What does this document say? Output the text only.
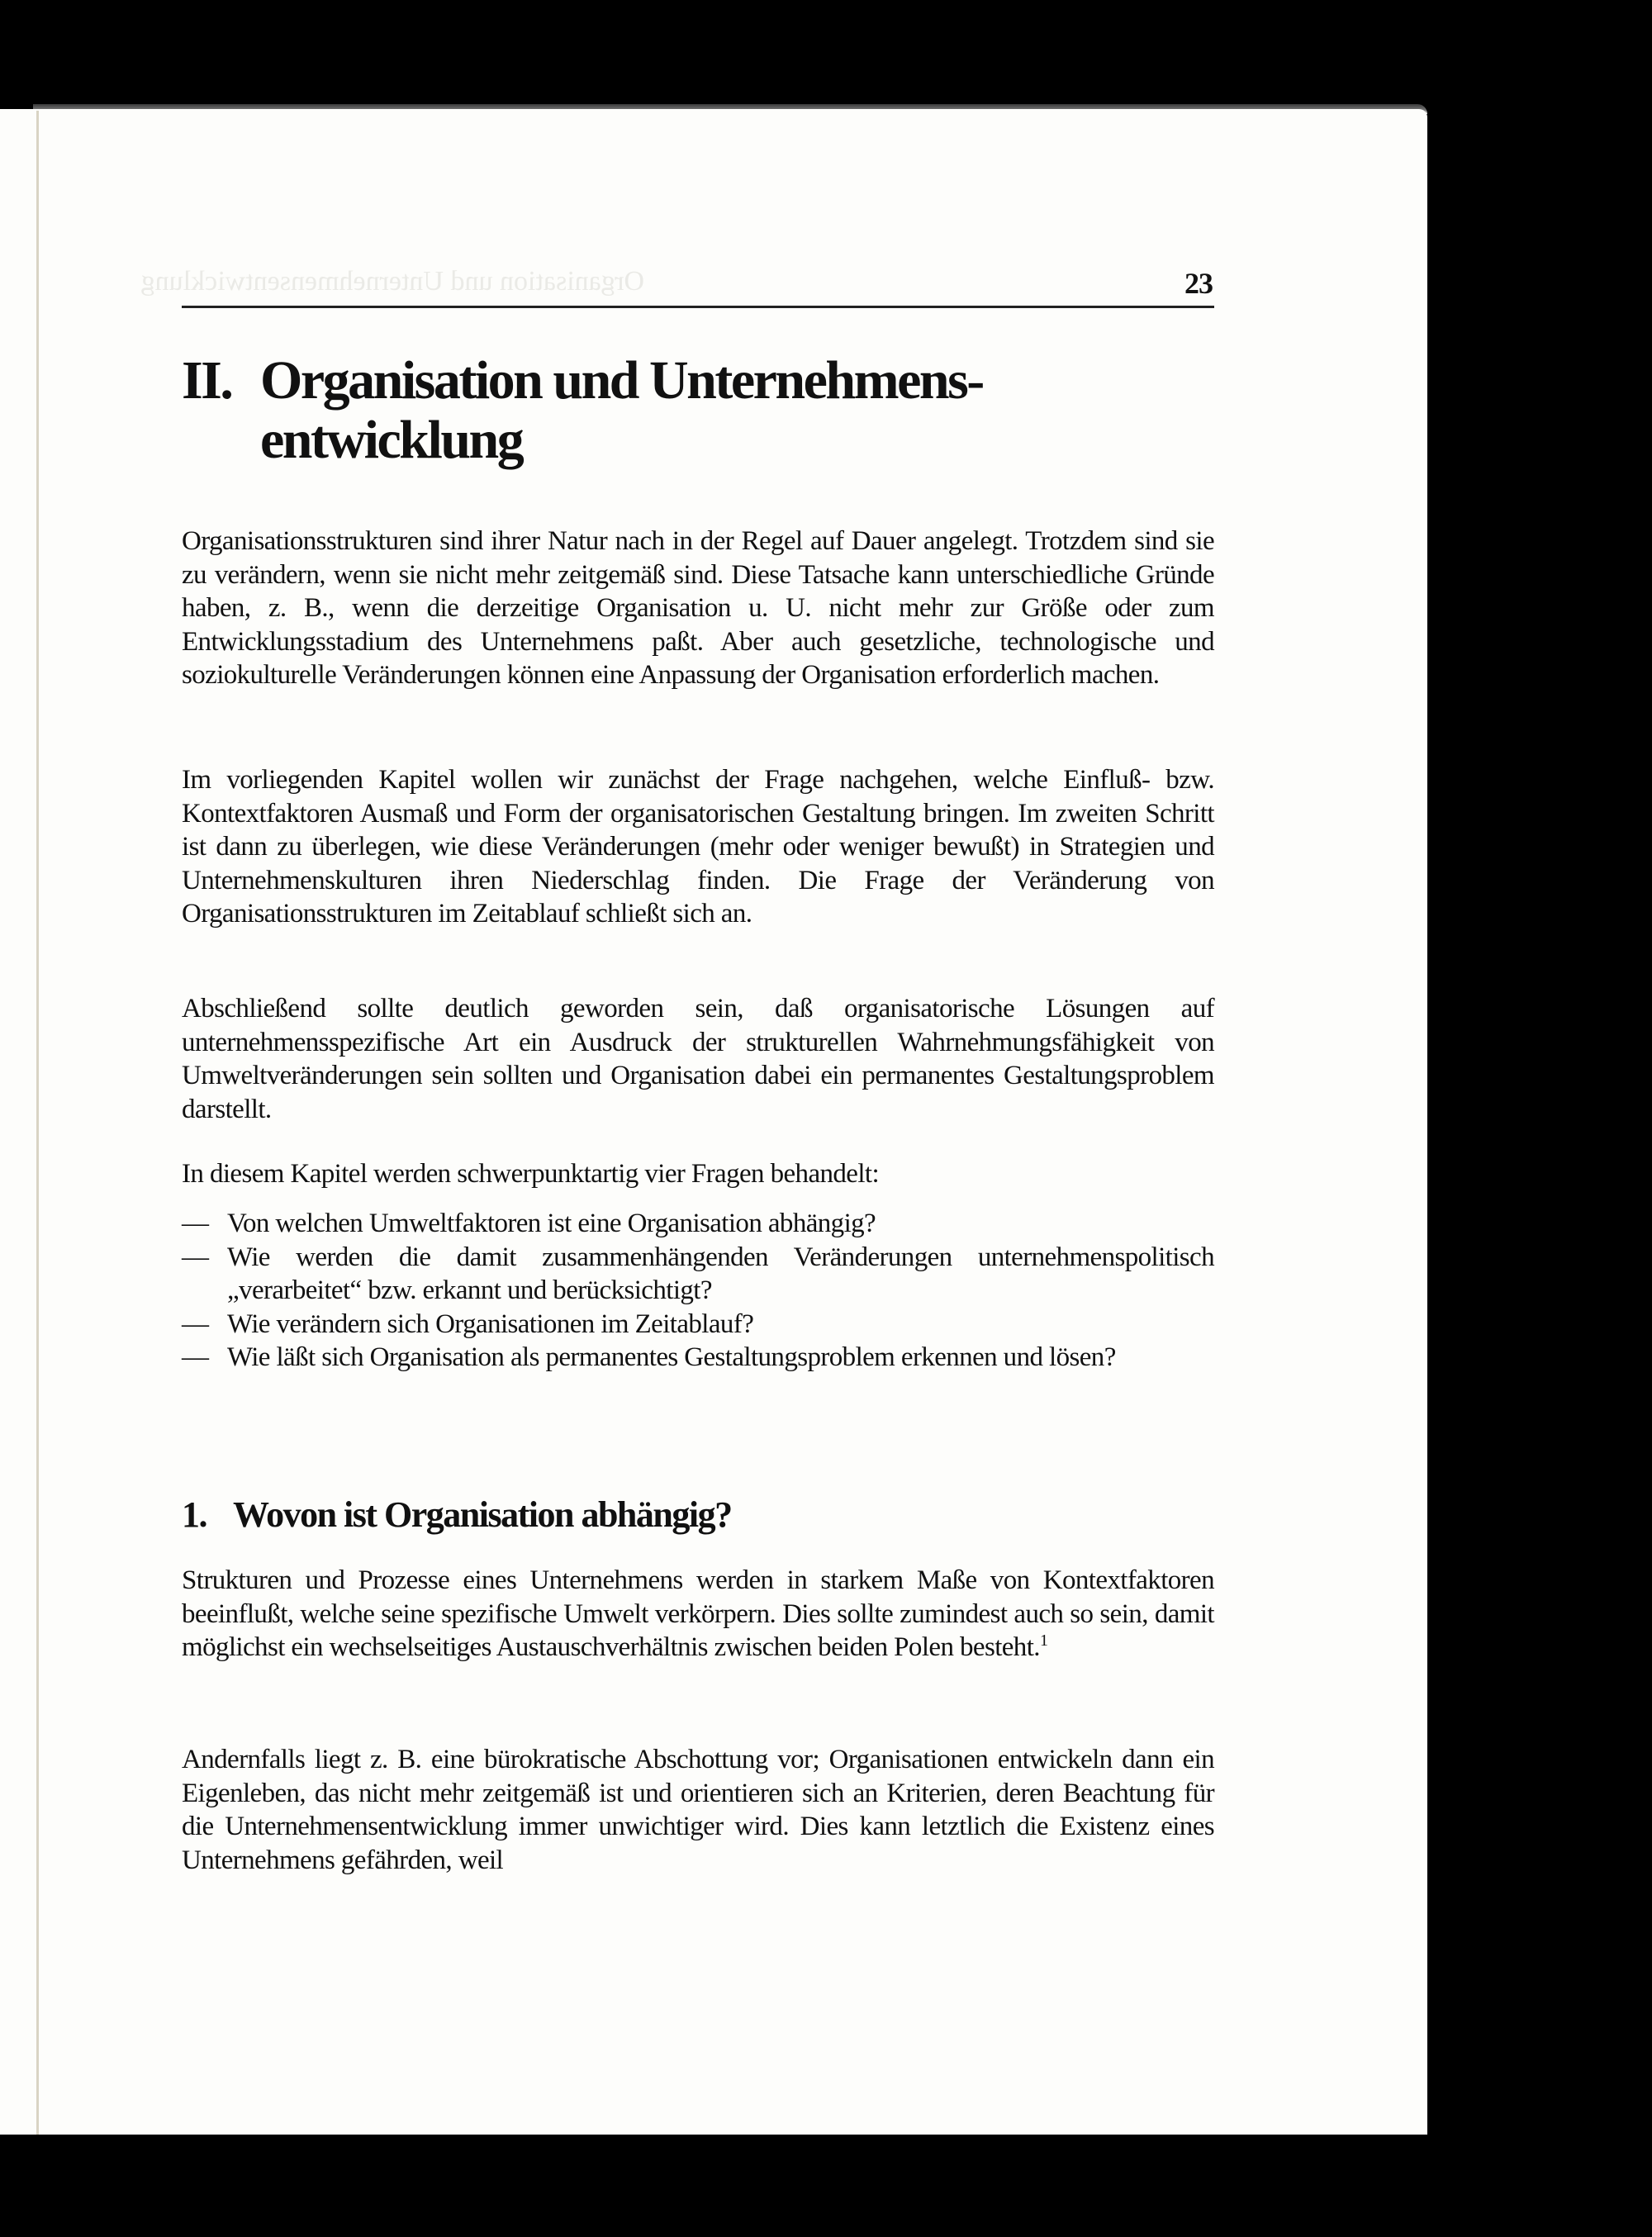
Organisation und Unternehmensentwicklung	23
II. Organisation und Unternehmens-entwicklung

Organisationsstrukturen sind ihrer Natur nach in der Regel auf Dauer angelegt. Trotzdem sind sie zu verändern, wenn sie nicht mehr zeitgemäß sind. Diese Tatsache kann unterschiedliche Gründe haben, z. B., wenn die derzeitige Organisation u. U. nicht mehr zur Größe oder zum Entwicklungsstadium des Unternehmens paßt. Aber auch gesetzliche, technologische und soziokulturelle Veränderungen können eine Anpassung der Organisation erforderlich machen.

Im vorliegenden Kapitel wollen wir zunächst der Frage nachgehen, welche Einfluß- bzw. Kontextfaktoren Ausmaß und Form der organisatorischen Gestaltung bringen. Im zweiten Schritt ist dann zu überlegen, wie diese Veränderungen (mehr oder weniger bewußt) in Strategien und Unternehmenskulturen ihren Niederschlag finden. Die Frage der Veränderung von Organisationsstrukturen im Zeitablauf schließt sich an.

Abschließend sollte deutlich geworden sein, daß organisatorische Lösungen auf unternehmensspezifische Art ein Ausdruck der strukturellen Wahrnehmungsfähigkeit von Umweltveränderungen sein sollten und Organisation dabei ein permanentes Gestaltungsproblem darstellt.

In diesem Kapitel werden schwerpunktartig vier Fragen behandelt:

— Von welchen Umweltfaktoren ist eine Organisation abhängig?
— Wie werden die damit zusammenhängenden Veränderungen unternehmenspolitisch „verarbeitet“ bzw. erkannt und berücksichtigt?
— Wie verändern sich Organisationen im Zeitablauf?
— Wie läßt sich Organisation als permanentes Gestaltungsproblem erkennen und lösen?
1. Wovon ist Organisation abhängig?

Strukturen und Prozesse eines Unternehmens werden in starkem Maße von Kontextfaktoren beeinflußt, welche seine spezifische Umwelt verkörpern. Dies sollte zumindest auch so sein, damit möglichst ein wechselseitiges Austauschverhältnis zwischen beiden Polen besteht.$^1$

Andernfalls liegt z. B. eine bürokratische Abschottung vor; Organisationen entwickeln dann ein Eigenleben, das nicht mehr zeitgemäß ist und orientieren sich an Kriterien, deren Beachtung für die Unternehmensentwicklung immer unwichtiger wird. Dies kann letztlich die Existenz eines Unternehmens gefährden, weil
